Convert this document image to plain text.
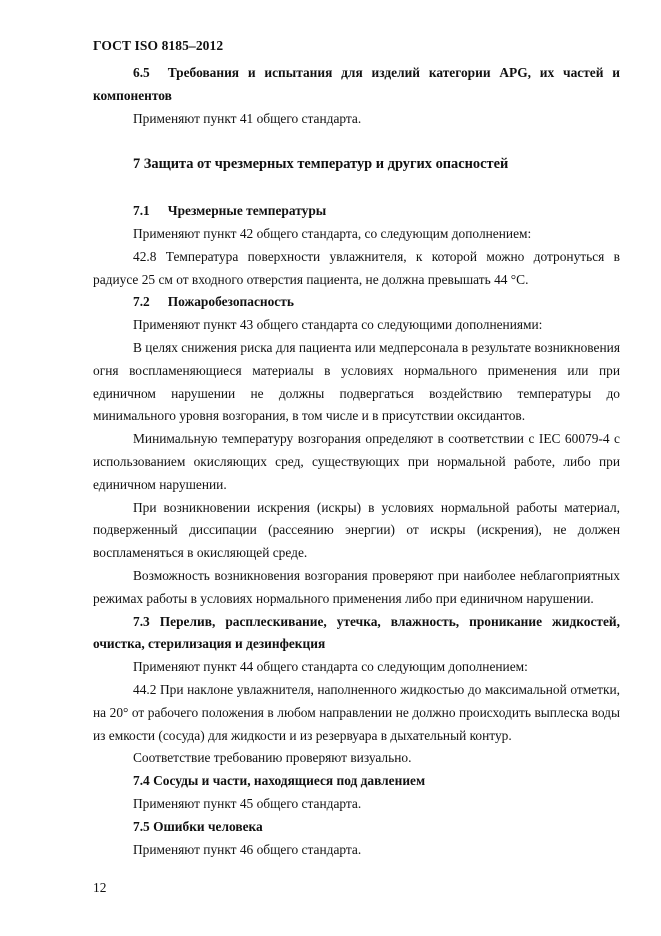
ГОСТ ISO 8185–2012

6.5 Требования и испытания для изделий категории APG, их частей и

компонентов

Применяют пункт 41 общего стандарта.

7 Защита от чрезмерных температур и других опасностей

7.1 Чрезмерные температуры

Применяют пункт 42 общего стандарта, со следующим дополнением:

42.8 Температура поверхности увлажнителя, к которой можно дотронуться в радиусе 25 см от входного отверстия пациента, не должна превышать 44 °С.

7.2 Пожаробезопасность

Применяют пункт 43 общего стандарта со следующими дополнениями:

В целях снижения риска для пациента или медперсонала в результате возникновения огня воспламеняющиеся материалы в условиях нормального применения или при единичном нарушении не должны подвергаться воздействию температуры до минимального уровня возгорания, в том числе и в присутствии оксидантов.

Минимальную температуру возгорания определяют в соответствии с IEC 60079-4 с использованием окисляющих сред, существующих при нормальной работе, либо при единичном нарушении.

При возникновении искрения (искры) в условиях нормальной работы материал, подверженный диссипации (рассеянию энергии) от искры (искрения), не должен воспламеняться в окисляющей среде.

Возможность возникновения возгорания проверяют при наиболее неблагоприятных режимах работы в условиях нормального применения либо при единичном нарушении.

7.3 Перелив, расплескивание, утечка, влажность, проникание жидкостей, очистка, стерилизация и дезинфекция

Применяют пункт 44 общего стандарта со следующим дополнением:

44.2 При наклоне увлажнителя, наполненного жидкостью до максимальной отметки, на 20° от рабочего положения в любом направлении не должно происходить выплеска воды из емкости (сосуда) для жидкости и из резервуара в дыхательный контур.

Соответствие требованию проверяют визуально.

7.4 Сосуды и части, находящиеся под давлением

Применяют пункт 45 общего стандарта.

7.5 Ошибки человека

Применяют пункт 46 общего стандарта.

12
